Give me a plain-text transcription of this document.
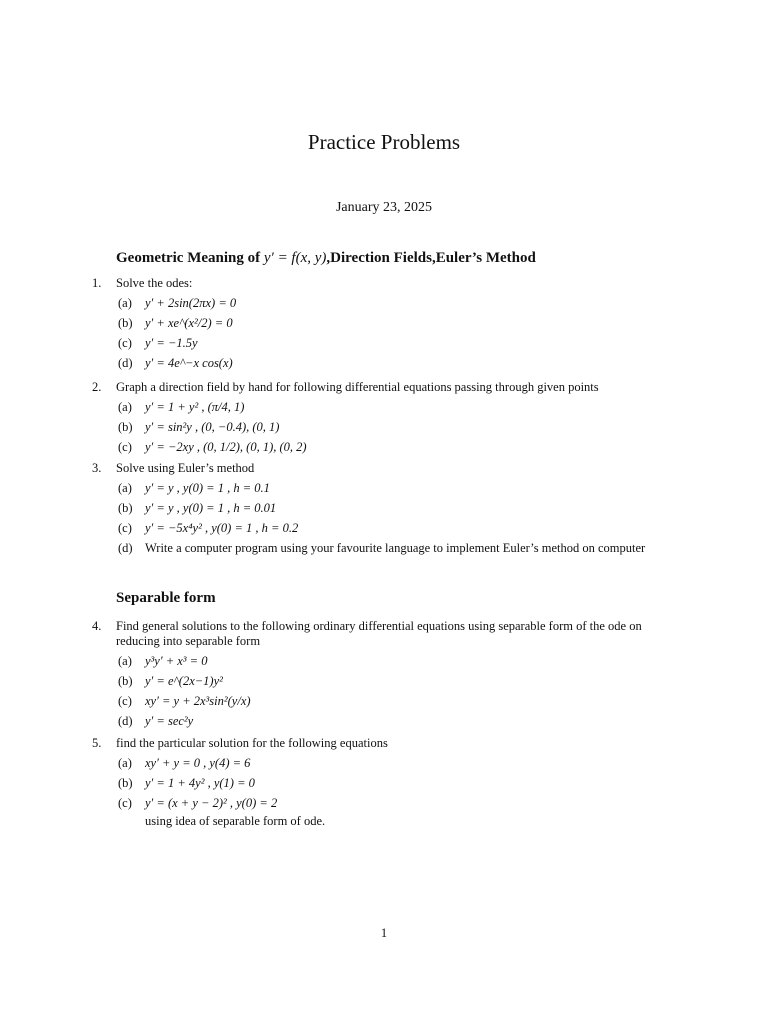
Practice Problems
January 23, 2025
Geometric Meaning of y′ = f(x, y),Direction Fields,Euler’s Method
1. Solve the odes:
(a)	y′ + 2sin(2πx) = 0
(b) y′ + xe^(x²/2) = 0
(c)	y′ = −1.5y
(d) y′ = 4e^−x cos(x)
2. Graph a direction field by hand for following differential equations passing through given points
(a)	y′ = 1 + y² , (π/4, 1)
(b) y′ = sin²y , (0, −0.4), (0, 1)
(c)	y′ = −2xy , (0, 1/2), (0, 1), (0, 2)
3. Solve using Euler’s method
(a)	y′ = y , y(0) = 1 , h = 0.1
(b) y′ = y , y(0) = 1 , h = 0.01
(c)	y′ = −5x⁴y² , y(0) = 1 , h = 0.2
(d) Write a computer program using your favourite language to implement Euler’s method on computer
Separable form
4. Find general solutions to the following ordinary differential equations using separable form of the ode on reducing into separable form
(a)	y³y′ + x³ = 0
(b) y′ = e^(2x−1)y²
(c)	xy′ = y + 2x³sin²(y/x)
(d) y′ = sec²y
5. find the particular solution for the following equations
(a)	xy′ + y = 0 , y(4) = 6
(b) y′ = 1 + 4y² , y(1) = 0
(c)	y′ = (x + y − 2)² , y(0) = 2
using idea of separable form of ode.
1
